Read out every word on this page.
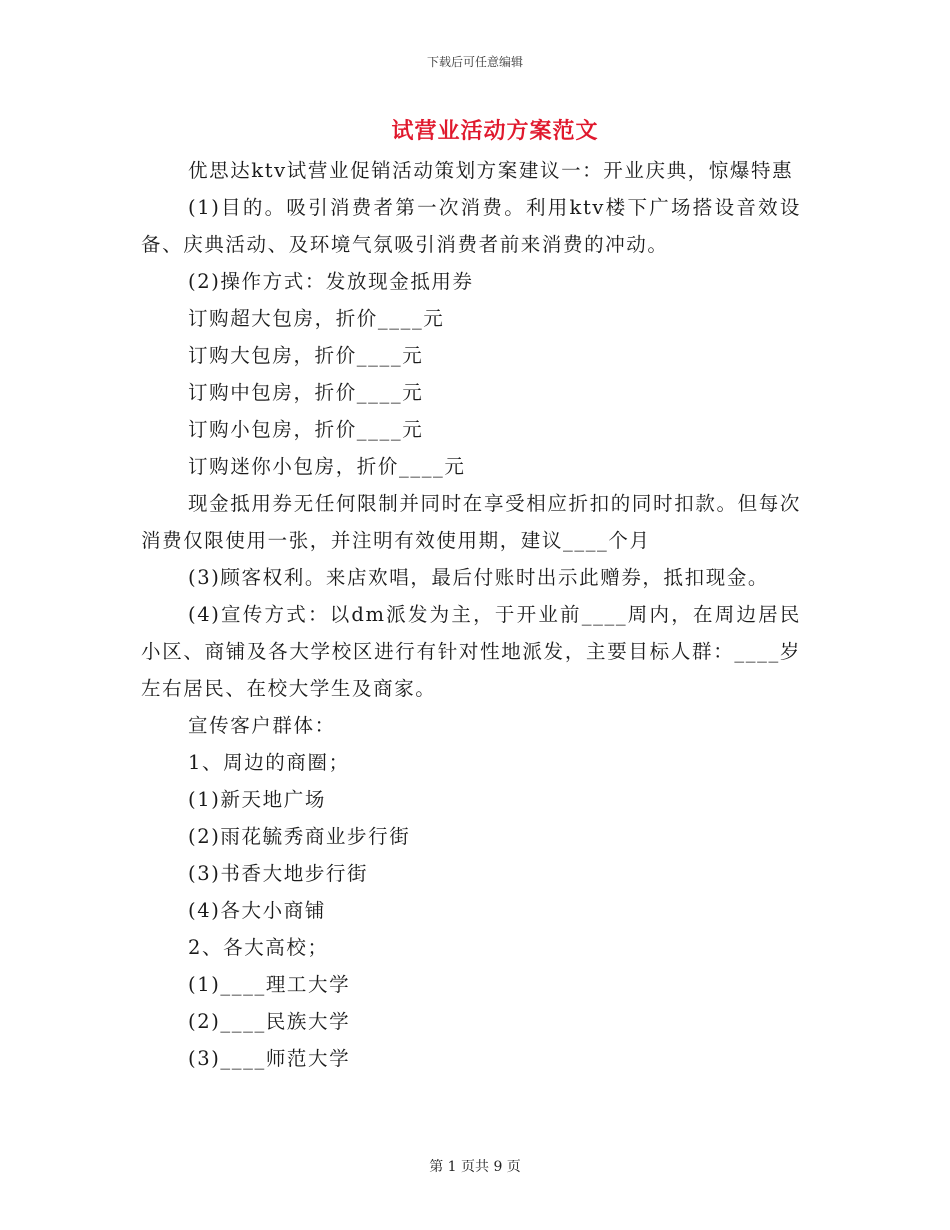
下载后可任意编辑
试营业活动方案范文

优思达ktv试营业促销活动策划方案建议一：开业庆典，惊爆特惠

(1)目的。吸引消费者第一次消费。利用ktv楼下广场搭设音效设备、庆典活动、及环境气氛吸引消费者前来消费的冲动。

(2)操作方式：发放现金抵用券

订购超大包房，折价____元

订购大包房，折价____元

订购中包房，折价____元

订购小包房，折价____元

订购迷你小包房，折价____元

现金抵用券无任何限制并同时在享受相应折扣的同时扣款。但每次消费仅限使用一张，并注明有效使用期，建议____个月

(3)顾客权利。来店欢唱，最后付账时出示此赠券，抵扣现金。

(4)宣传方式：以dm派发为主，于开业前____周内，在周边居民小区、商铺及各大学校区进行有针对性地派发，主要目标人群：____岁左右居民、在校大学生及商家。

宣传客户群体：

1、周边的商圈；

(1)新天地广场

(2)雨花毓秀商业步行街

(3)书香大地步行街

(4)各大小商铺

2、各大高校；

(1)____理工大学

(2)____民族大学

(3)____师范大学

第 1 页共 9 页
